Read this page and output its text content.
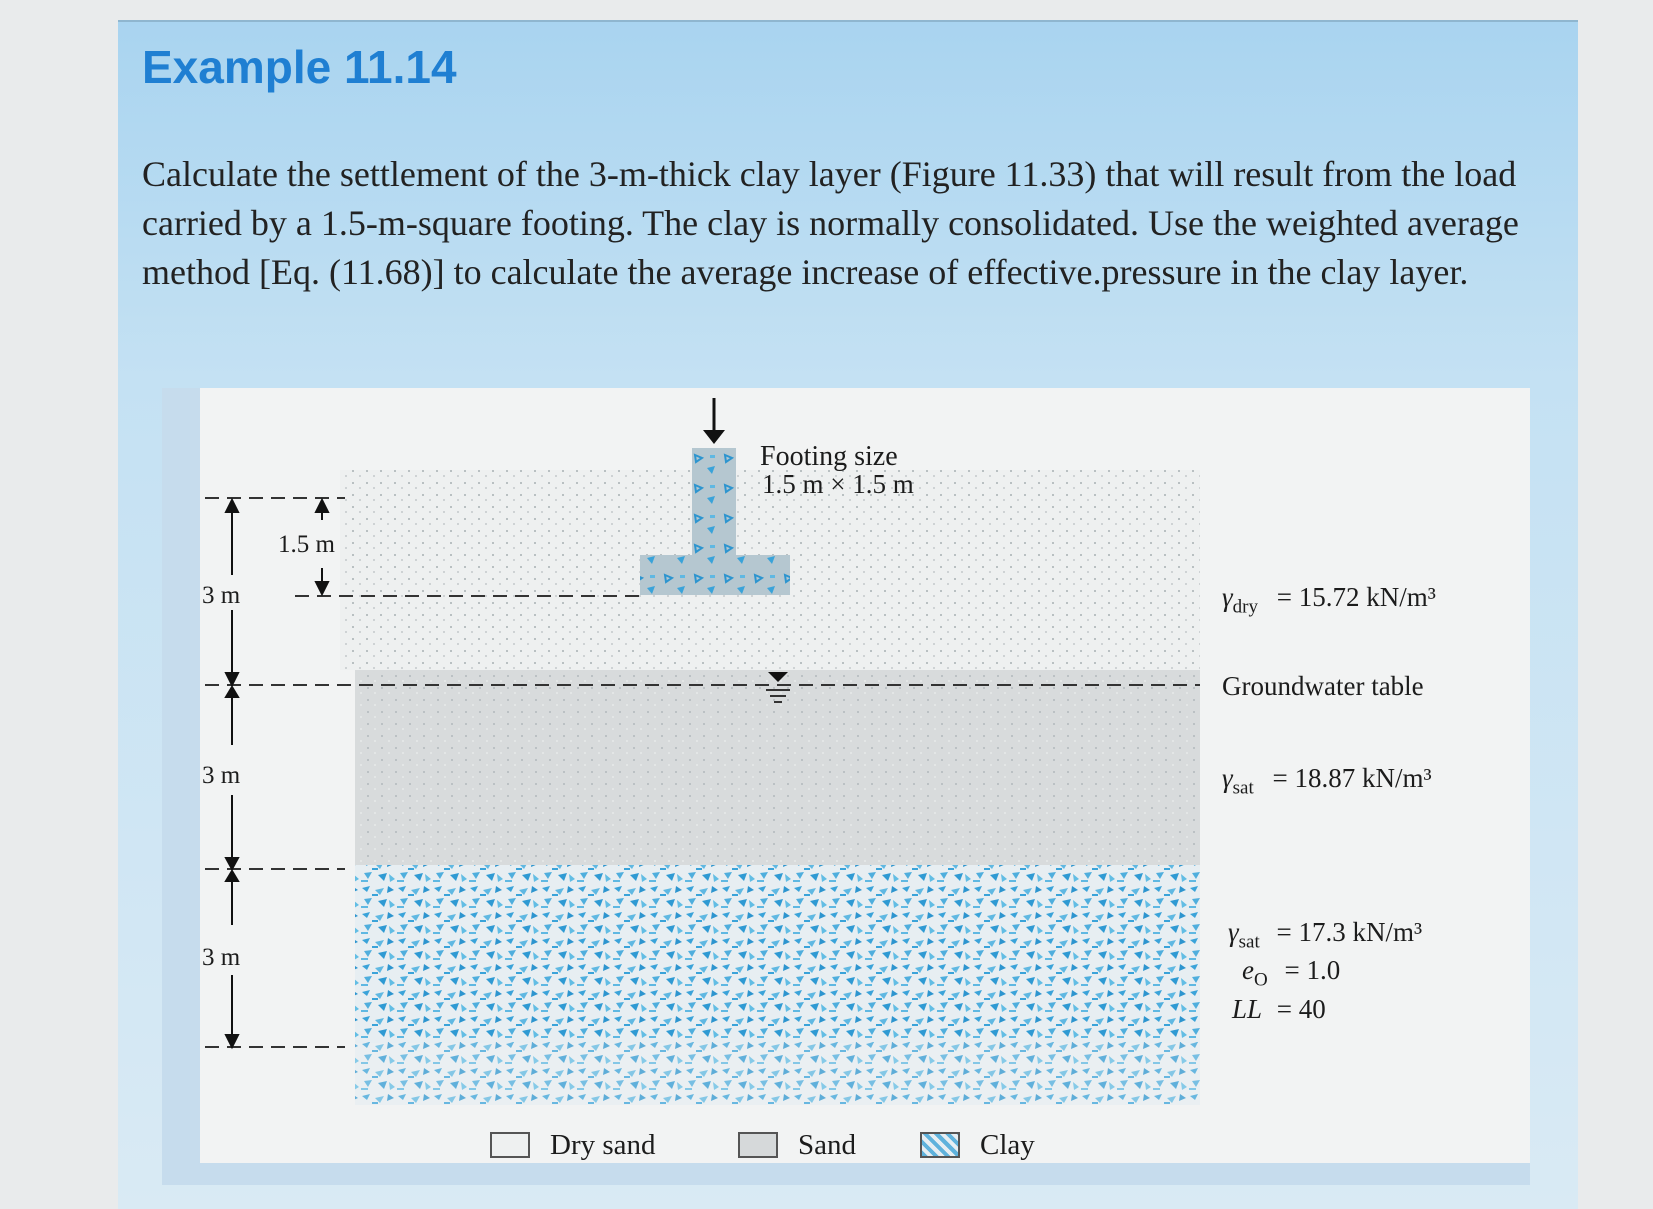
Example 11.14

Calculate the settlement of the 3-m-thick clay layer (Figure 11.33) that will result from the load carried by a 1.5-m-square footing. The clay is normally consolidated. Use the weighted average method [Eq. (11.68)] to calculate the average increase of effective.pressure in the clay layer.

1.5 m
3 m
3 m
3 m
Footing size
1.5 m × 1.5 m
Groundwater table
$\gamma_{dry} = 15.72$ kN/m³
$\gamma_{sat} = 18.87$ kN/m³
$\gamma_{sat} = 17.3$ kN/m³
$e_O = 1.0$
LL = 40
Dry sand	Sand	Clay
